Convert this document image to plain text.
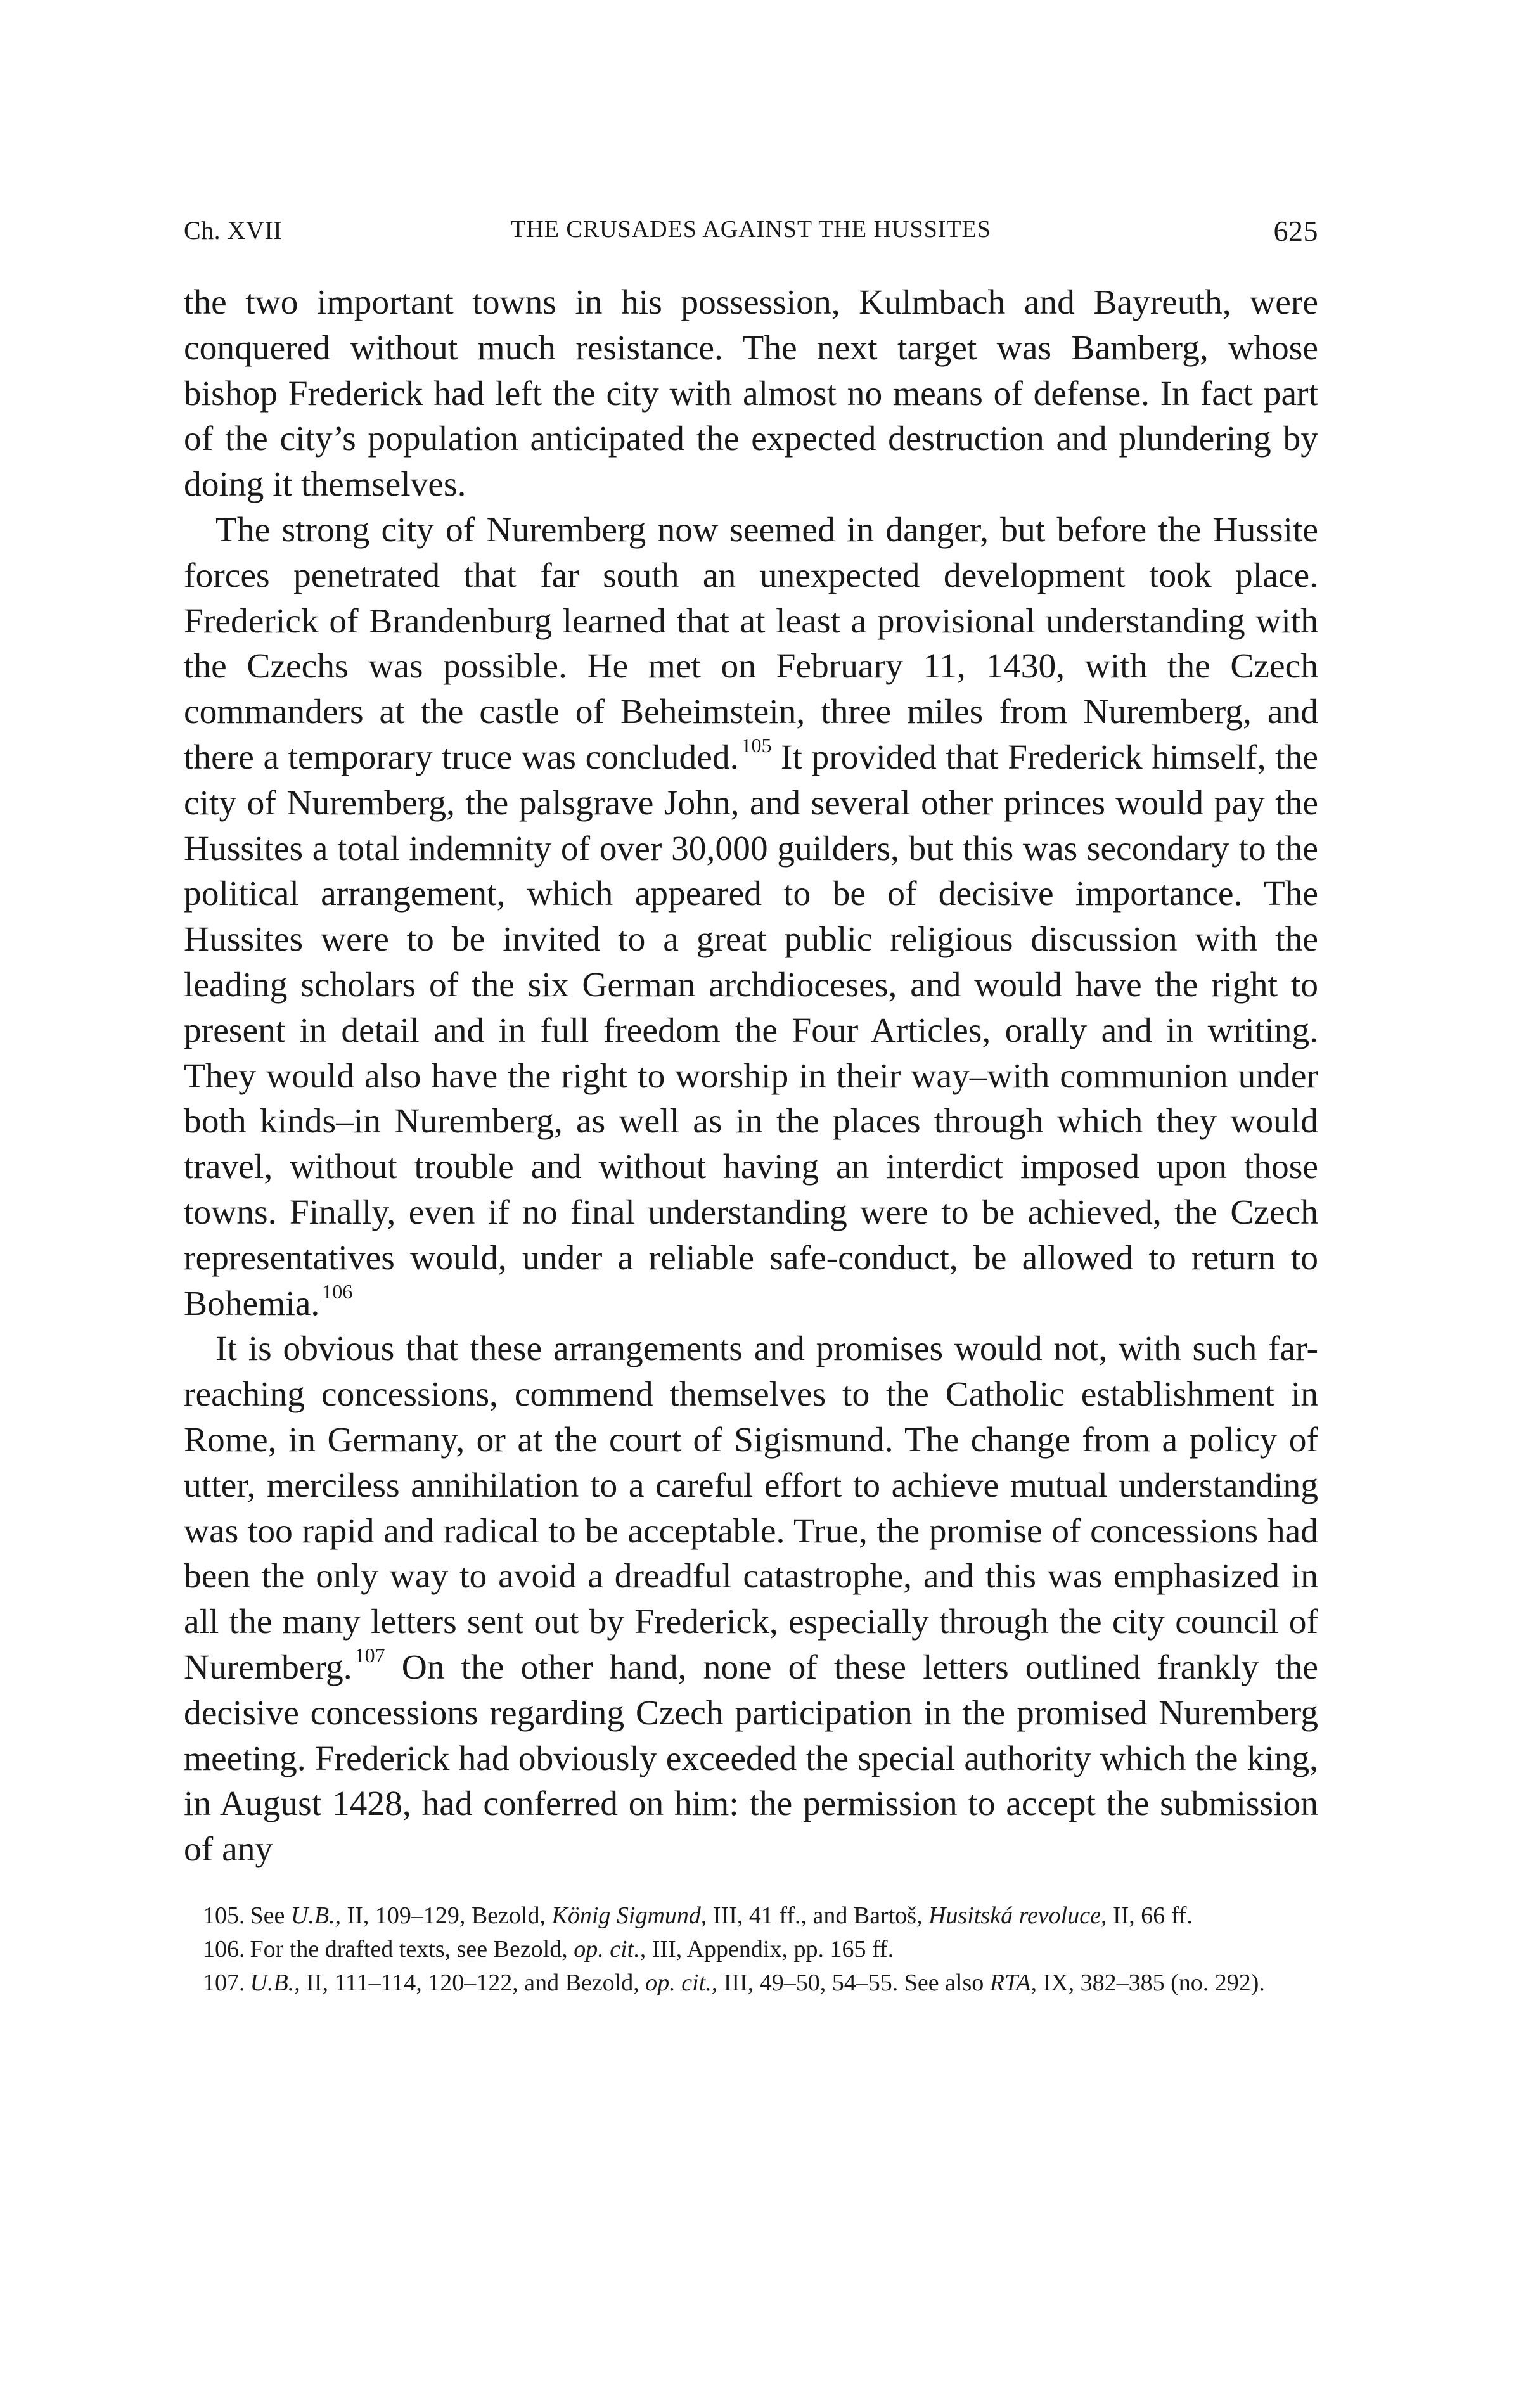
Ch. XVII	THE CRUSADES AGAINST THE HUSSITES	625

the two important towns in his possession, Kulmbach and Bayreuth, were conquered without much resistance. The next target was Bamberg, whose bishop Frederick had left the city with almost no means of defense. In fact part of the city’s population anticipated the expected destruction and plundering by doing it themselves.

The strong city of Nuremberg now seemed in danger, but before the Hussite forces penetrated that far south an unexpected development took place. Frederick of Brandenburg learned that at least a provisional understanding with the Czechs was possible. He met on February 11, 1430, with the Czech commanders at the castle of Beheimstein, three miles from Nuremberg, and there a temporary truce was concluded. $^{105}$ It provided that Frederick himself, the city of Nuremberg, the palsgrave John, and several other princes would pay the Hussites a total indemnity of over 30,000 guilders, but this was secondary to the political arrangement, which appeared to be of decisive importance. The Hussites were to be invited to a great public religious discussion with the leading scholars of the six German archdioceses, and would have the right to present in detail and in full freedom the Four Articles, orally and in writing. They would also have the right to worship in their way–with communion under both kinds–in Nuremberg, as well as in the places through which they would travel, without trouble and without having an interdict imposed upon those towns. Finally, even if no final understanding were to be achieved, the Czech representatives would, under a reliable safe-conduct, be allowed to return to Bohemia. $^{106}$

It is obvious that these arrangements and promises would not, with such far-reaching concessions, commend themselves to the Catholic establishment in Rome, in Germany, or at the court of Sigismund. The change from a policy of utter, merciless annihilation to a careful effort to achieve mutual understanding was too rapid and radical to be acceptable. True, the promise of concessions had been the only way to avoid a dreadful catastrophe, and this was emphasized in all the many letters sent out by Frederick, especially through the city council of Nuremberg. $^{107}$ On the other hand, none of these letters outlined frankly the decisive concessions regarding Czech participation in the promised Nuremberg meeting. Frederick had obviously exceeded the special authority which the king, in August 1428, had conferred on him: the permission to accept the submission of any

105. See U.B., II, 109–129, Bezold, König Sigmund, III, 41 ff., and Bartoš, Husitská revoluce, II, 66 ff.

106. For the drafted texts, see Bezold, op. cit., III, Appendix, pp. 165 ff.

107. U.B., II, 111–114, 120–122, and Bezold, op. cit., III, 49–50, 54–55. See also RTA, IX, 382–385 (no. 292).
